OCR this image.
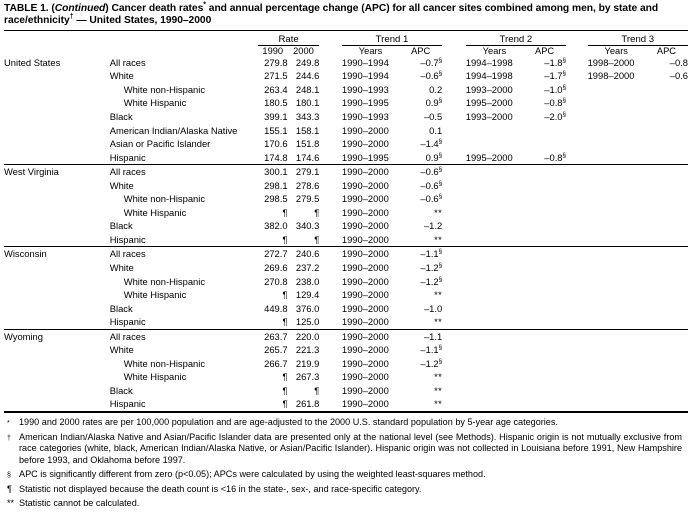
TABLE 1. (Continued) Cancer death rates* and annual percentage change (APC) for all cancer sites combined among men, by state and race/ethnicity† — United States, 1990–2000
		Rate			Trend 1			Trend 2			Trend 3	
		1990	2000		Years	APC		Years	APC		Years	APC
United States	All races	279.8	249.8		1990–1994	–0.7§		1994–1998	–1.8§		1998–2000	–0.8
	White	271.5	244.6		1990–1994	–0.6§		1994–1998	–1.7§		1998–2000	–0.6
	White non-Hispanic	263.4	248.1		1990–1993	0.2		1993–2000	–1.0§			
	White Hispanic	180.5	180.1		1990–1995	0.9§		1995–2000	–0.8§			
	Black	399.1	343.3		1990–1993	–0.5		1993–2000	–2.0§			
	American Indian/Alaska Native	155.1	158.1		1990–2000	0.1						
	Asian or Pacific Islander	170.6	151.8		1990–2000	–1.4§						
	Hispanic	174.8	174.6		1990–1995	0.9§		1995–2000	–0.8§			
West Virginia	All races	300.1	279.1		1990–2000	–0.6§						
	White	298.1	278.6		1990–2000	–0.6§						
	White non-Hispanic	298.5	279.5		1990–2000	–0.6§						
	White Hispanic	¶	¶		1990–2000	**						
	Black	382.0	340.3		1990–2000	–1.2						
	Hispanic	¶	¶		1990–2000	**						
Wisconsin	All races	272.7	240.6		1990–2000	–1.1§						
	White	269.6	237.2		1990–2000	–1.2§						
	White non-Hispanic	270.8	238.0		1990–2000	–1.2§						
	White Hispanic	¶	129.4		1990–2000	**						
	Black	449.8	376.0		1990–2000	–1.0						
	Hispanic	¶	125.0		1990–2000	**						
Wyoming	All races	263.7	220.0		1990–2000	–1.1						
	White	265.7	221.3		1990–2000	–1.1§						
	White non-Hispanic	266.7	219.9		1990–2000	–1.2§						
	White Hispanic	¶	267.3		1990–2000	**						
	Black	¶	¶		1990–2000	**						
	Hispanic	¶	261.8		1990–2000	**						

*	1990 and 2000 rates are per 100,000 population and are age-adjusted to the 2000 U.S. standard population by 5-year age categories.
† American Indian/Alaska Native and Asian/Pacific Islander data are presented only at the national level (see Methods). Hispanic origin is not mutually exclusive from race categories (white, black, American Indian/Alaska Native, or Asian/Pacific Islander). Hispanic origin was not collected in Louisiana before 1991, New Hampshire before 1993, and Oklahoma before 1997.
§ APC is significantly different from zero (p<0.05); APCs were calculated by using the weighted least-squares method.
¶ Statistic not displayed because the death count is <16 in the state-, sex-, and race-specific category.
** Statistic cannot be calculated.
